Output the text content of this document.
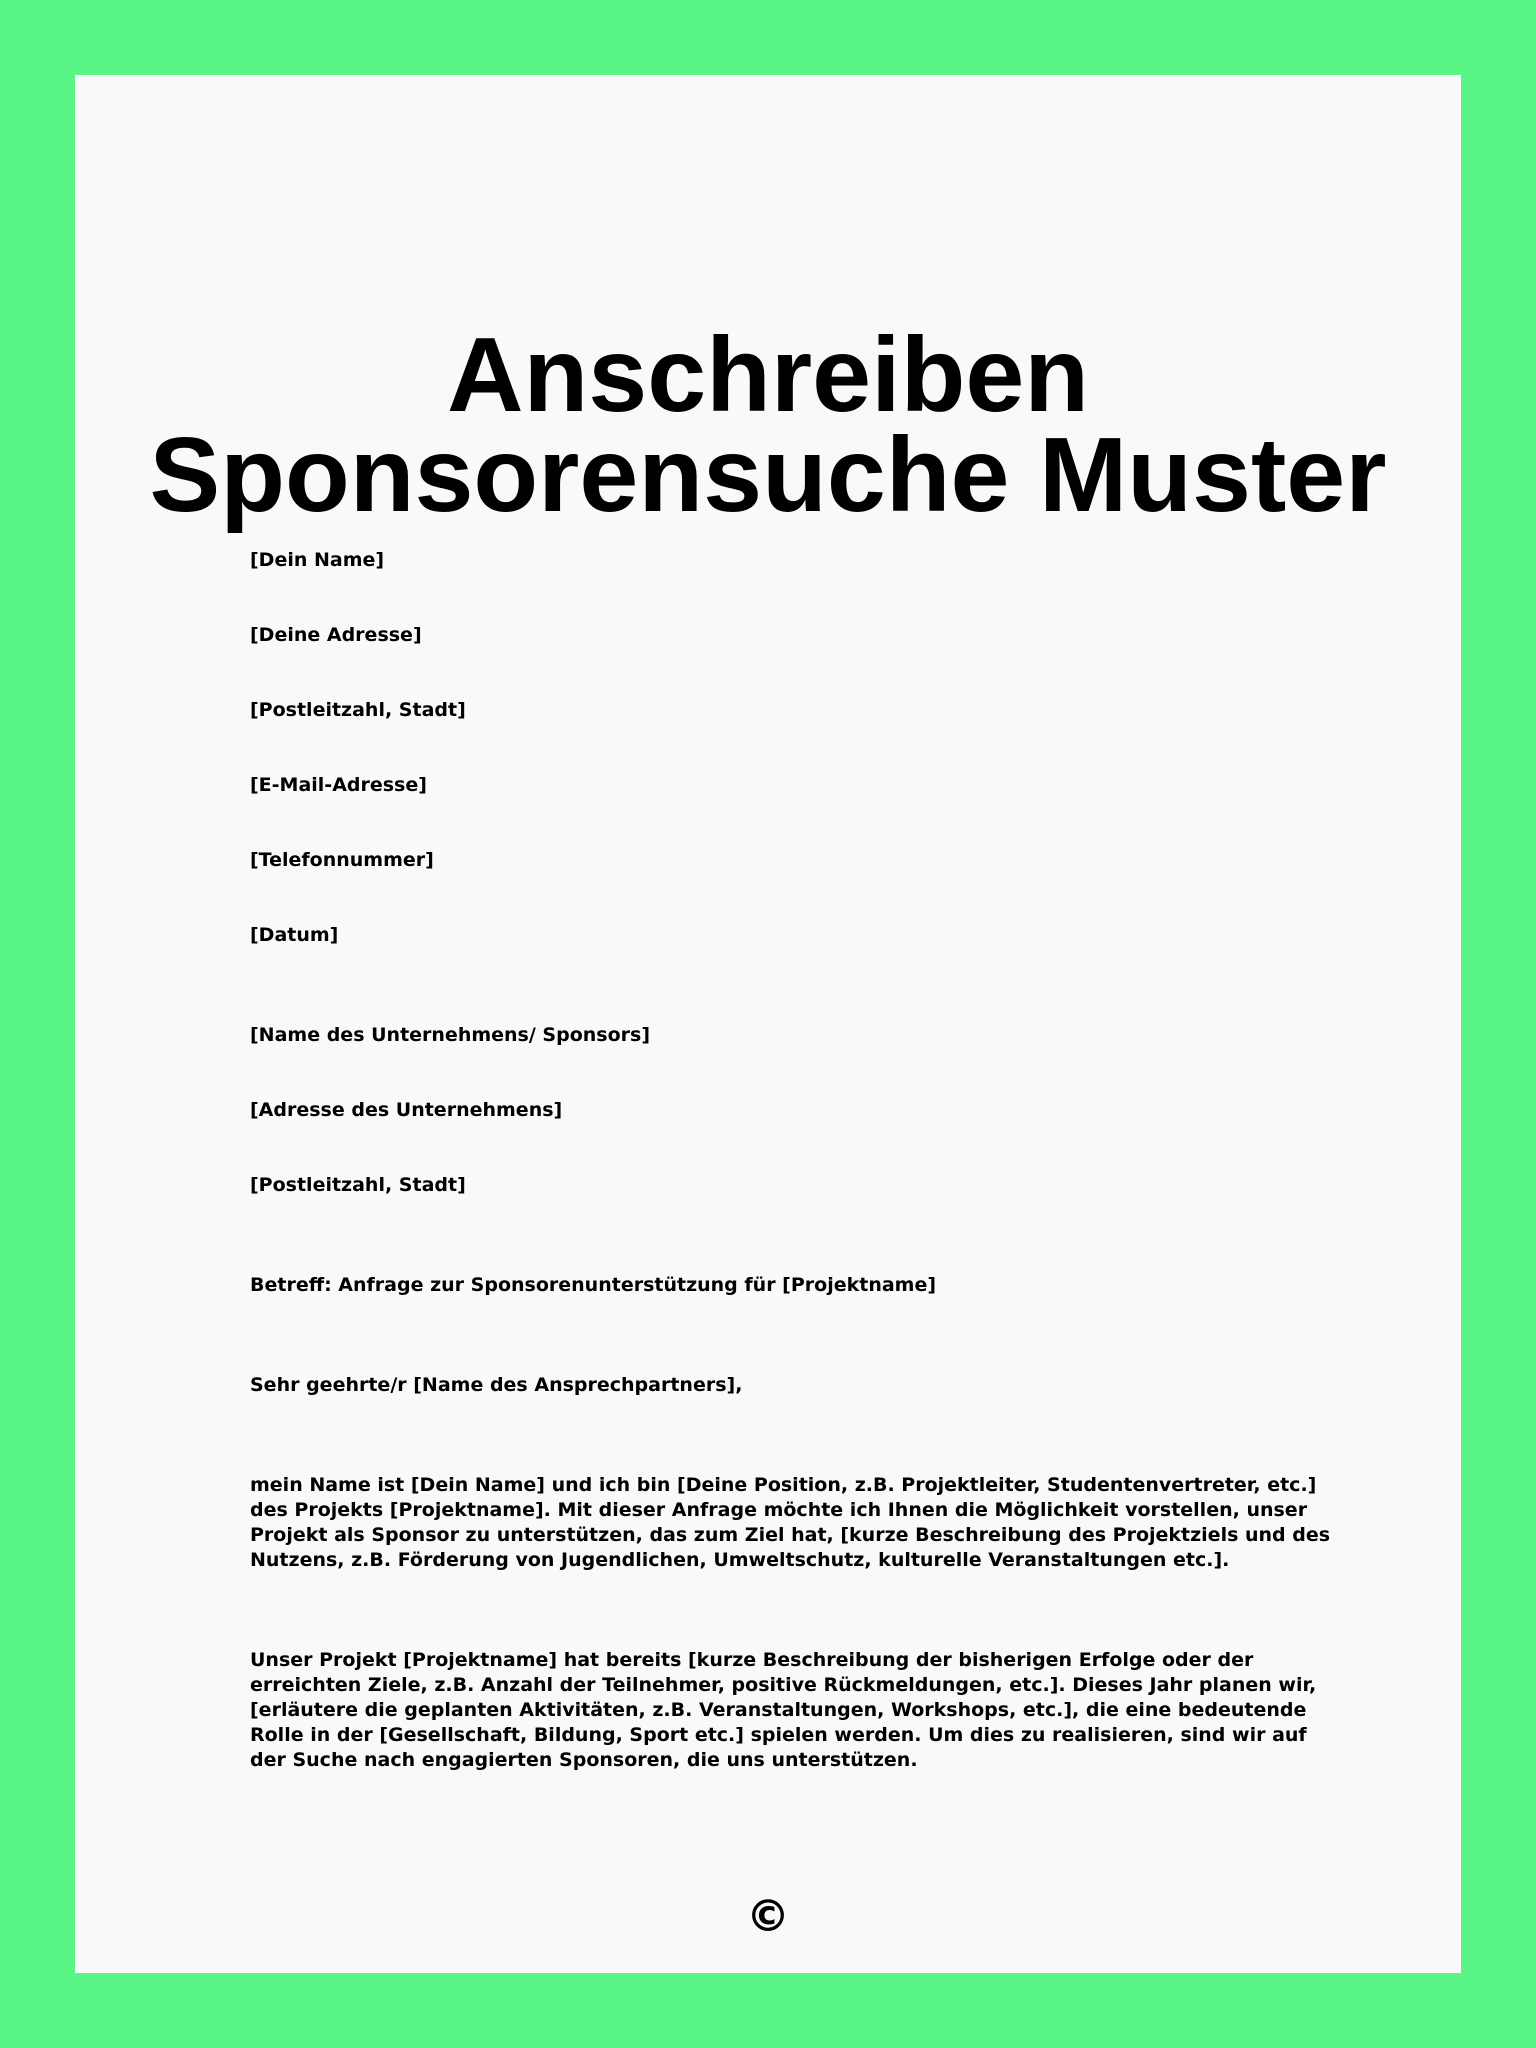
Anschreiben
Sponsorensuche Muster

[Dein Name]

[Deine Adresse]

[Postleitzahl, Stadt]

[E-Mail-Adresse]

[Telefonnummer]

[Datum]

[Name des Unternehmens/ Sponsors]

[Adresse des Unternehmens]

[Postleitzahl, Stadt]

Betreff: Anfrage zur Sponsorenunterstützung für [Projektname]

Sehr geehrte/r [Name des Ansprechpartners],

mein Name ist [Dein Name] und ich bin [Deine Position, z.B. Projektleiter, Studentenvertreter, etc.] des Projekts [Projektname]. Mit dieser Anfrage möchte ich Ihnen die Möglichkeit vorstellen, unser Projekt als Sponsor zu unterstützen, das zum Ziel hat, [kurze Beschreibung des Projektziels und des Nutzens, z.B. Förderung von Jugendlichen, Umweltschutz, kulturelle Veranstaltungen etc.].

Unser Projekt [Projektname] hat bereits [kurze Beschreibung der bisherigen Erfolge oder der erreichten Ziele, z.B. Anzahl der Teilnehmer, positive Rückmeldungen, etc.]. Dieses Jahr planen wir, [erläutere die geplanten Aktivitäten, z.B. Veranstaltungen, Workshops, etc.], die eine bedeutende Rolle in der [Gesellschaft, Bildung, Sport etc.] spielen werden. Um dies zu realisieren, sind wir auf der Suche nach engagierten Sponsoren, die uns unterstützen.

©
